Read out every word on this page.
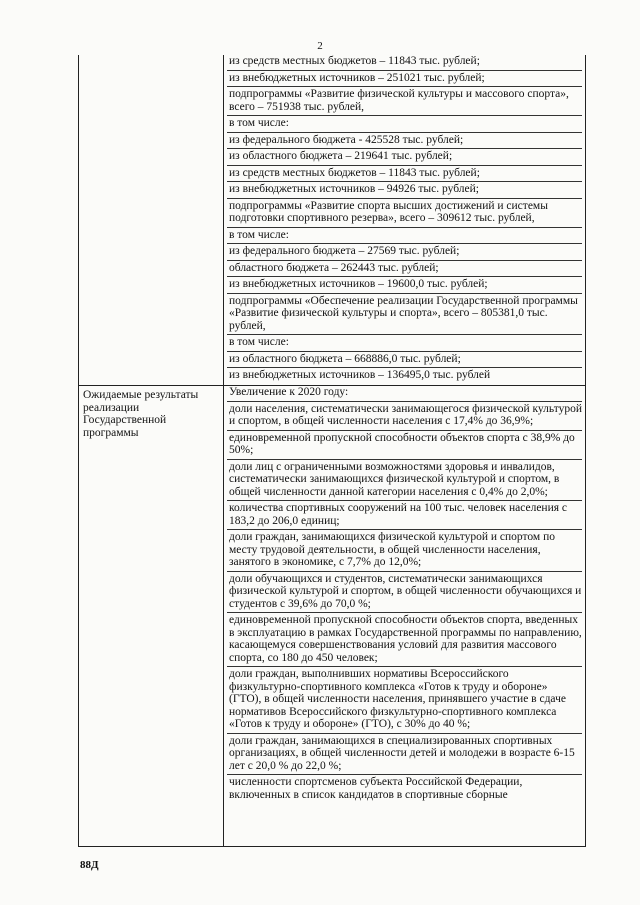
2
из средств местных бюджетов – 11843 тыс. рублей;
из внебюджетных источников – 251021 тыс. рублей;
подпрограммы «Развитие физической культуры и массового спорта», всего – 751938 тыс. рублей,
в том числе:
из федерального бюджета - 425528 тыс. рублей;
из областного бюджета – 219641 тыс. рублей;
из средств местных бюджетов – 11843 тыс. рублей;
из внебюджетных источников – 94926 тыс. рублей;
подпрограммы «Развитие спорта высших достижений и системы подготовки спортивного резерва», всего – 309612 тыс. рублей,
в том числе:
из федерального бюджета – 27569 тыс. рублей;
областного бюджета – 262443 тыс. рублей;
из внебюджетных источников – 19600,0 тыс. рублей;
подпрограммы «Обеспечение реализации Государственной программы «Развитие физической культуры и спорта», всего – 805381,0 тыс. рублей,
в том числе:
из областного бюджета – 668886,0 тыс. рублей;
из внебюджетных источников – 136495,0 тыс. рублей
Ожидаемые результаты реализации Государственной программы
Увеличение к 2020 году:
доли населения, систематически занимающегося физической культурой и спортом, в общей численности населения с 17,4% до 36,9%;
единовременной пропускной способности объектов спорта с 38,9% до 50%;
доли лиц с ограниченными возможностями здоровья и инвалидов, систематически занимающихся физической культурой и спортом, в общей численности данной категории населения с 0,4% до 2,0%;
количества спортивных сооружений на 100 тыс. человек населения с 183,2 до 206,0 единиц;
доли граждан, занимающихся физической культурой и спортом по месту трудовой деятельности, в общей численности населения, занятого в экономике, с 7,7% до 12,0%;
доли обучающихся и студентов, систематически занимающихся физической культурой и спортом, в общей численности обучающихся и студентов с 39,6% до 70,0 %;
единовременной пропускной способности объектов спорта, введенных в эксплуатацию в рамках Государственной программы по направлению, касающемуся совершенствования условий для развития массового спорта, со 180 до 450 человек;
доли граждан, выполнивших нормативы Всероссийского физкультурно-спортивного комплекса «Готов к труду и обороне» (ГТО), в общей численности населения, принявшего участие в сдаче нормативов Всероссийского физкультурно-спортивного комплекса «Готов к труду и обороне» (ГТО), с 30% до 40 %;
доли граждан, занимающихся в специализированных спортивных организациях, в общей численности детей и молодежи в возрасте 6-15 лет с 20,0 % до 22,0 %;
численности спортсменов субъекта Российской Федерации, включенных в список кандидатов в спортивные сборные
88Д
